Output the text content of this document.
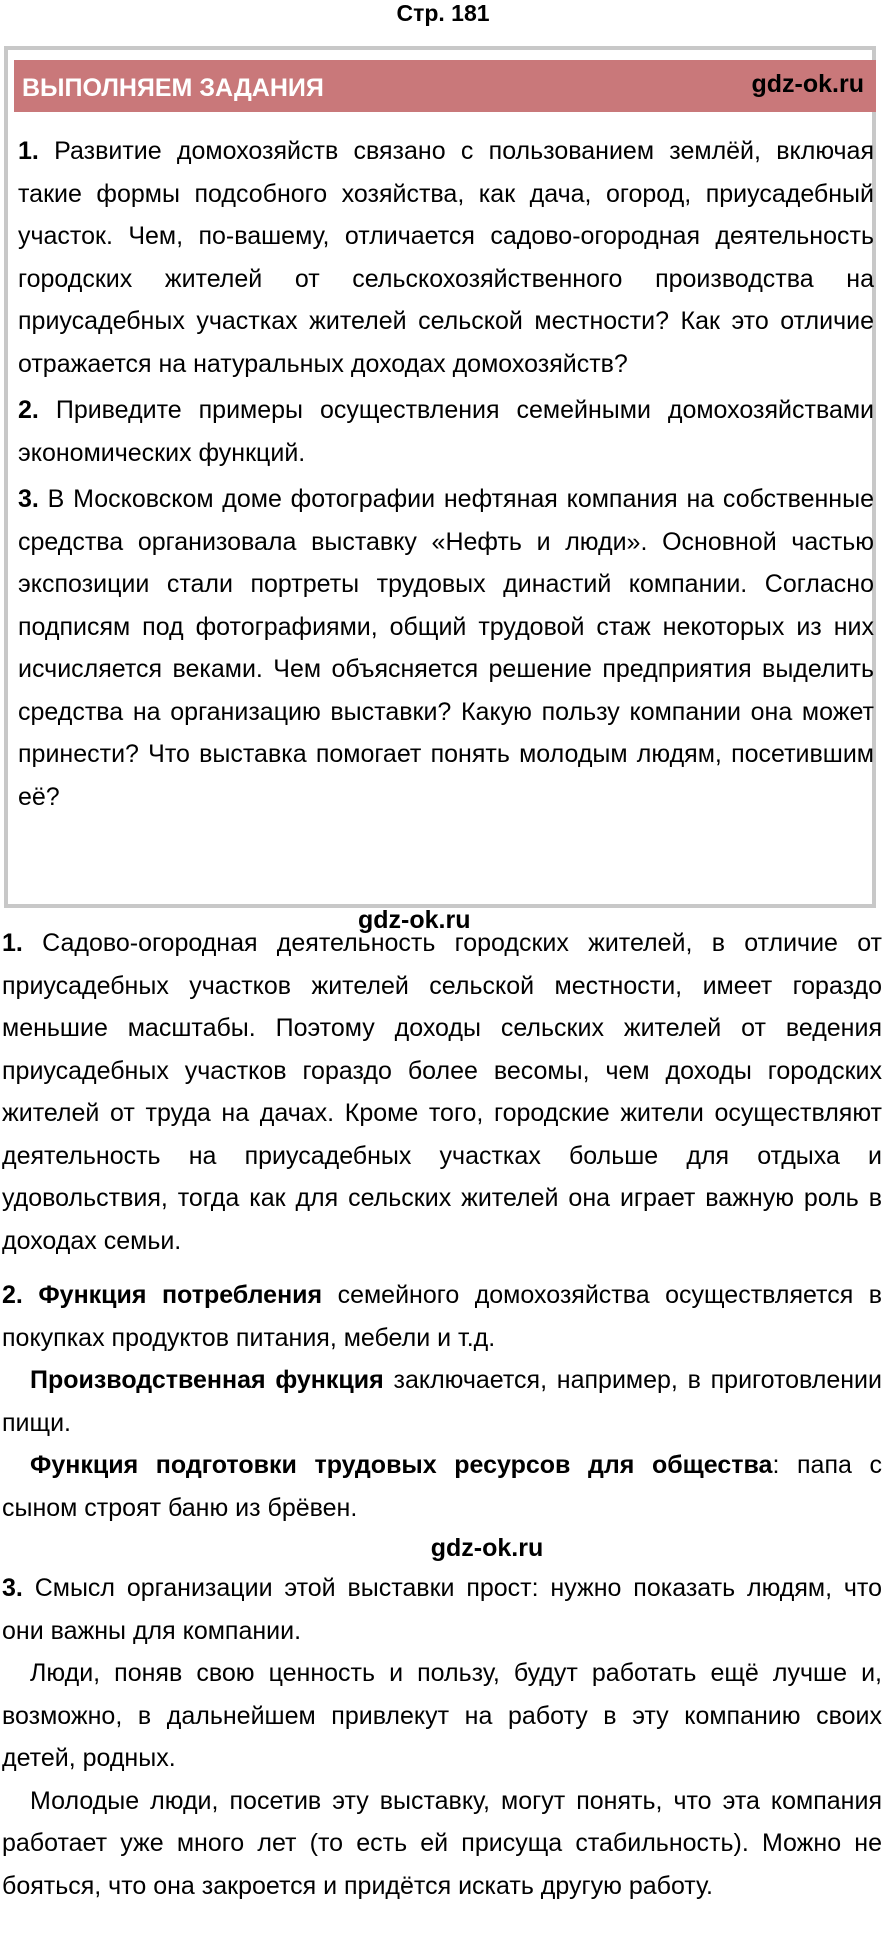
Стр. 181
ВЫПОЛНЯЕМ ЗАДАНИЯ	gdz-ok.ru

1. Развитие домохозяйств связано с пользованием землёй, включая такие формы подсобного хозяйства, как дача, огород, приусадебный участок. Чем, по-вашему, отличается садово-огородная деятельность городских жителей от сельскохозяйственного производства на приусадебных участках жителей сельской местности? Как это отличие отражается на натуральных доходах домохозяйств?

2. Приведите примеры осуществления семейными домохозяйствами экономических функций.

3. В Московском доме фотографии нефтяная компания на собственные средства организовала выставку «Нефть и люди». Основной частью экспозиции стали портреты трудовых династий компании. Согласно подписям под фотографиями, общий трудовой стаж некоторых из них исчисляется веками. Чем объясняется решение предприятия выделить средства на организацию выставки? Какую пользу компании она может принести? Что выставка помогает понять молодым людям, посетившим её?

gdz-ok.ru

1. Садово-огородная деятельность городских жителей, в отличие от приусадебных участков жителей сельской местности, имеет гораздо меньшие масштабы. Поэтому доходы сельских жителей от ведения приусадебных участков гораздо более весомы, чем доходы городских жителей от труда на дачах. Кроме того, городские жители осуществляют деятельность на приусадебных участках больше для отдыха и удовольствия, тогда как для сельских жителей она играет важную роль в доходах семьи.

2. Функция потребления семейного домохозяйства осуществляется в покупках продуктов питания, мебели и т.д.

Производственная функция заключается, например, в приготовлении пищи.

Функция подготовки трудовых ресурсов для общества: папа с сыном строят баню из брёвен.

gdz-ok.ru

3. Смысл организации этой выставки прост: нужно показать людям, что они важны для компании.

Люди, поняв свою ценность и пользу, будут работать ещё лучше и, возможно, в дальнейшем привлекут на работу в эту компанию своих детей, родных.

Молодые люди, посетив эту выставку, могут понять, что эта компания работает уже много лет (то есть ей присуща стабильность). Можно не бояться, что она закроется и придётся искать другую работу.
